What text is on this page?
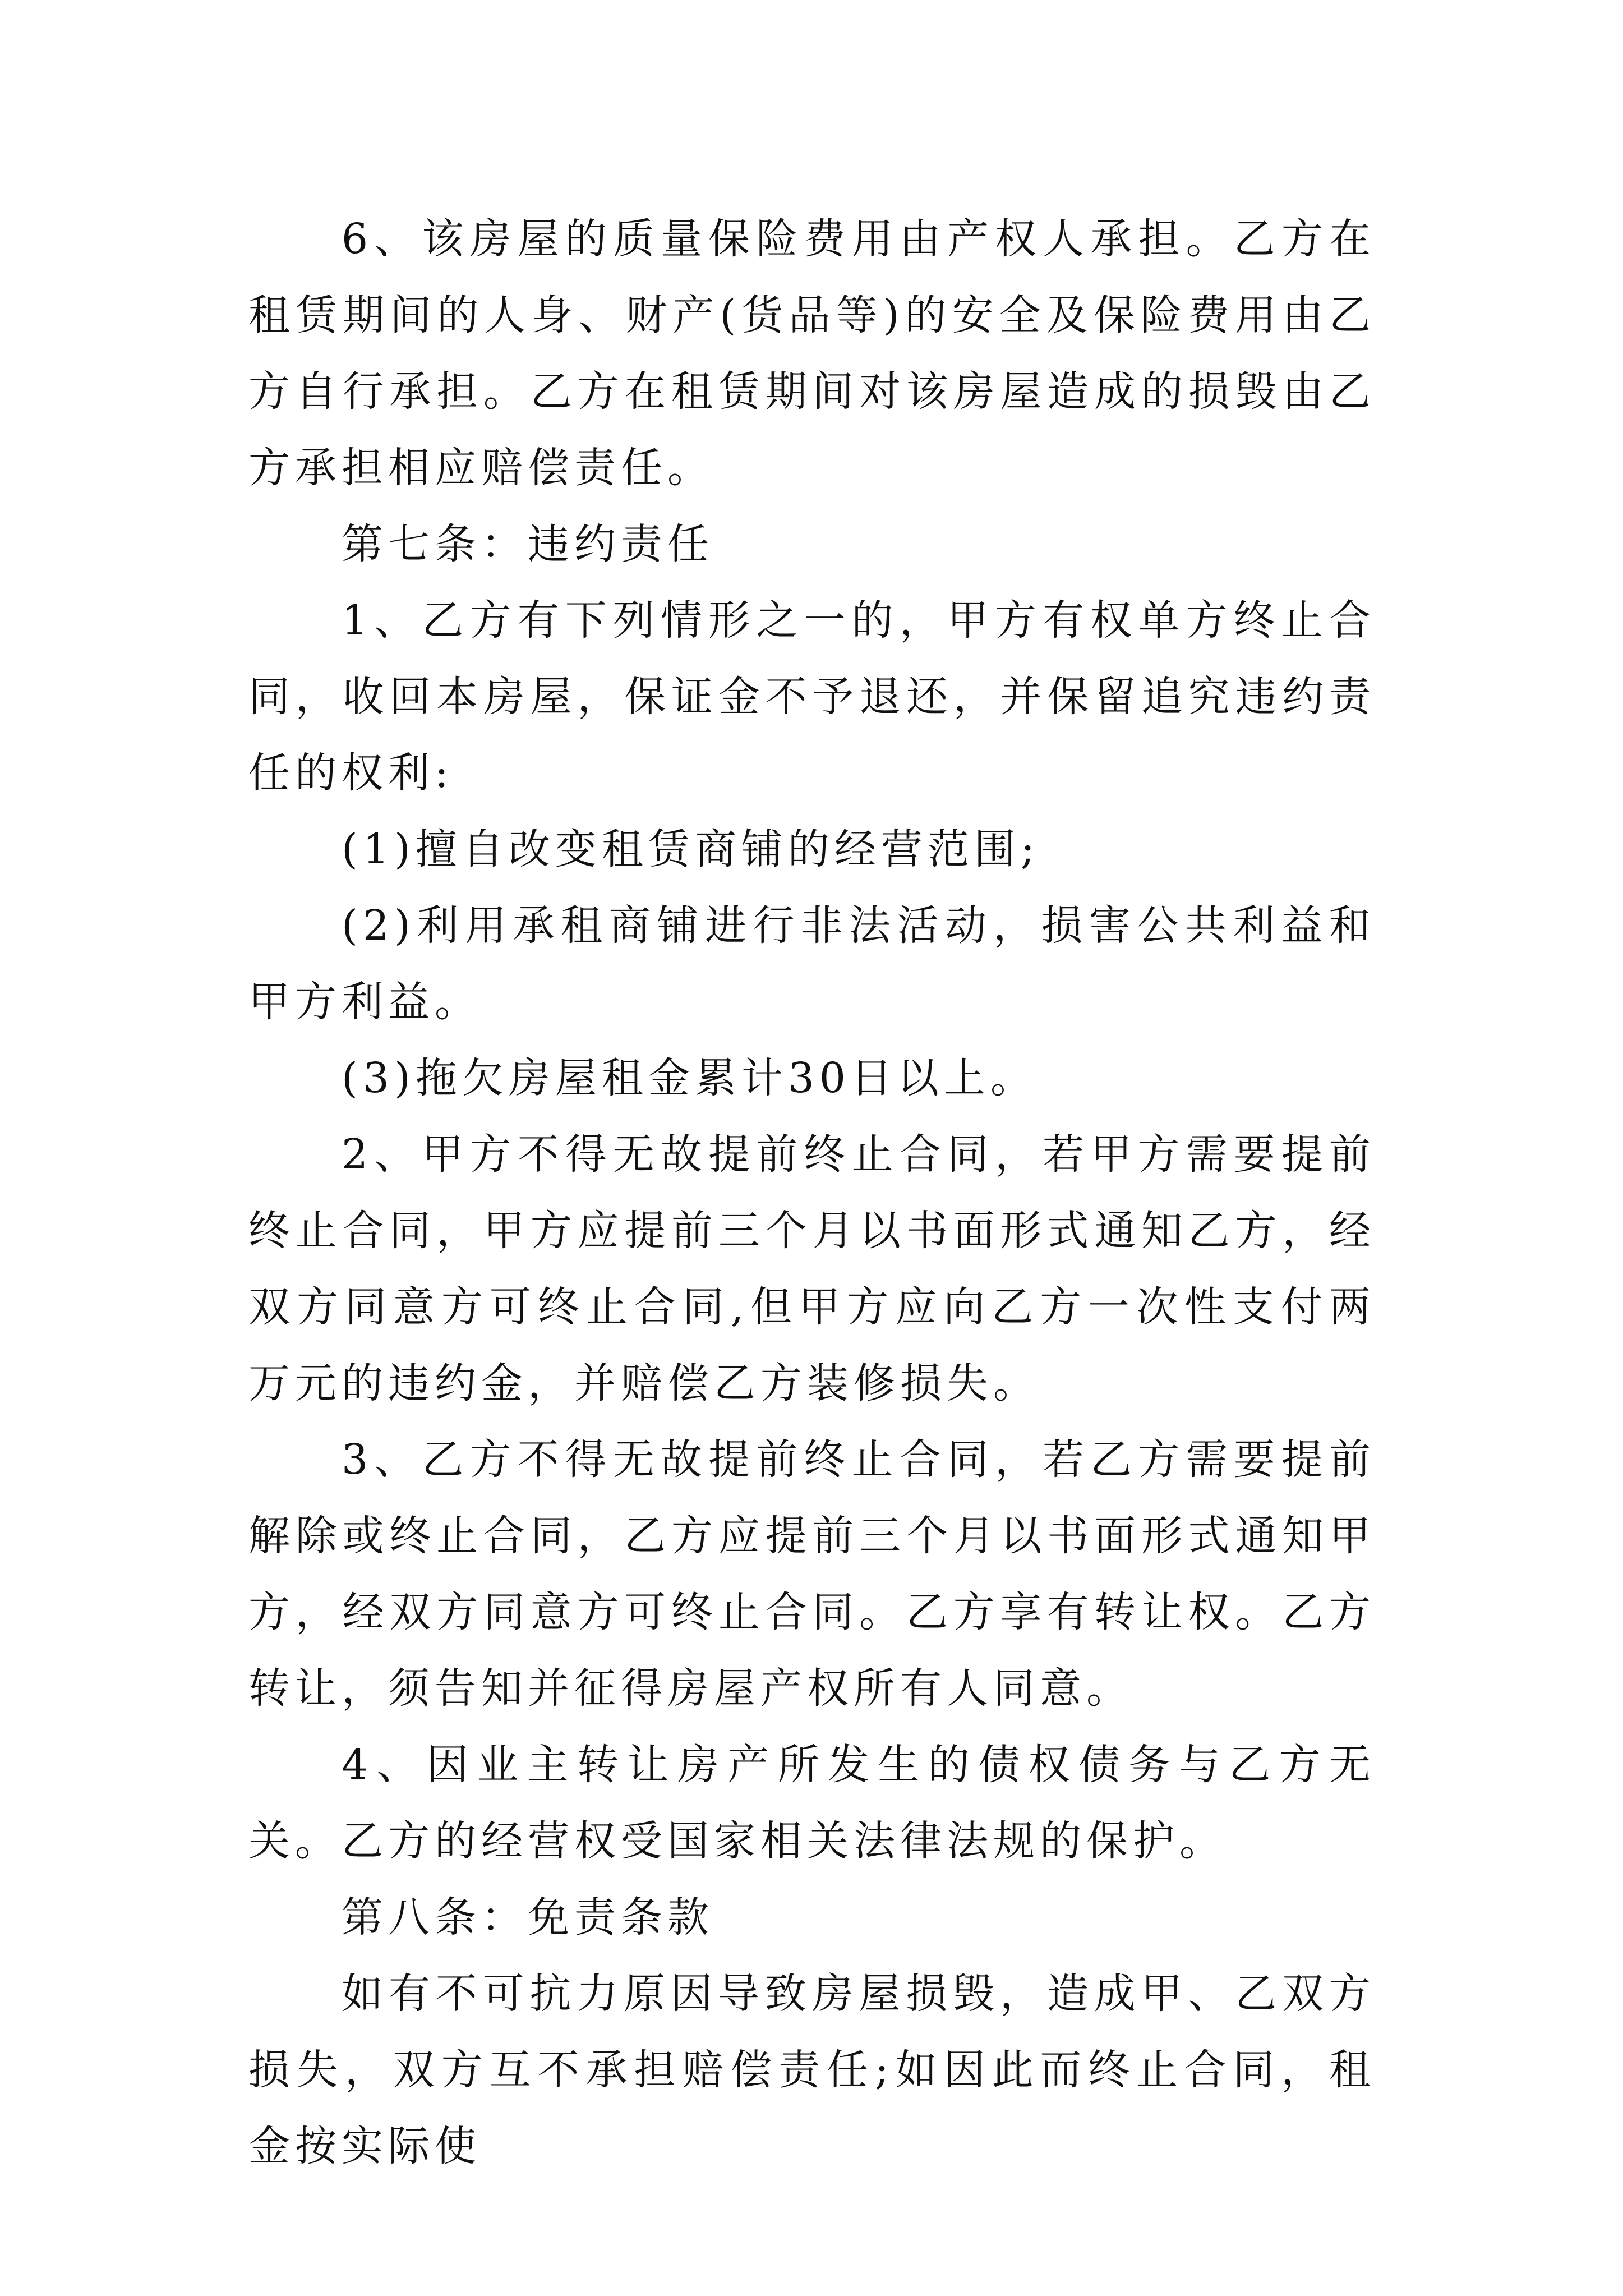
6、该房屋的质量保险费用由产权人承担。乙方在租赁期间的人身、财产(货品等)的安全及保险费用由乙方自行承担。乙方在租赁期间对该房屋造成的损毁由乙方承担相应赔偿责任。

第七条：违约责任

1、乙方有下列情形之一的，甲方有权单方终止合同，收回本房屋，保证金不予退还，并保留追究违约责任的权利:

(1)擅自改变租赁商铺的经营范围;

(2)利用承租商铺进行非法活动，损害公共利益和甲方利益。

(3)拖欠房屋租金累计30日以上。

2、甲方不得无故提前终止合同，若甲方需要提前终止合同，甲方应提前三个月以书面形式通知乙方，经双方同意方可终止合同,但甲方应向乙方一次性支付两万元的违约金，并赔偿乙方装修损失。

3、乙方不得无故提前终止合同，若乙方需要提前解除或终止合同，乙方应提前三个月以书面形式通知甲方，经双方同意方可终止合同。乙方享有转让权。乙方转让，须告知并征得房屋产权所有人同意。

4、因业主转让房产所发生的债权债务与乙方无关。乙方的经营权受国家相关法律法规的保护。

第八条：免责条款

如有不可抗力原因导致房屋损毁，造成甲、乙双方损失，双方互不承担赔偿责任;如因此而终止合同，租金按实际使
